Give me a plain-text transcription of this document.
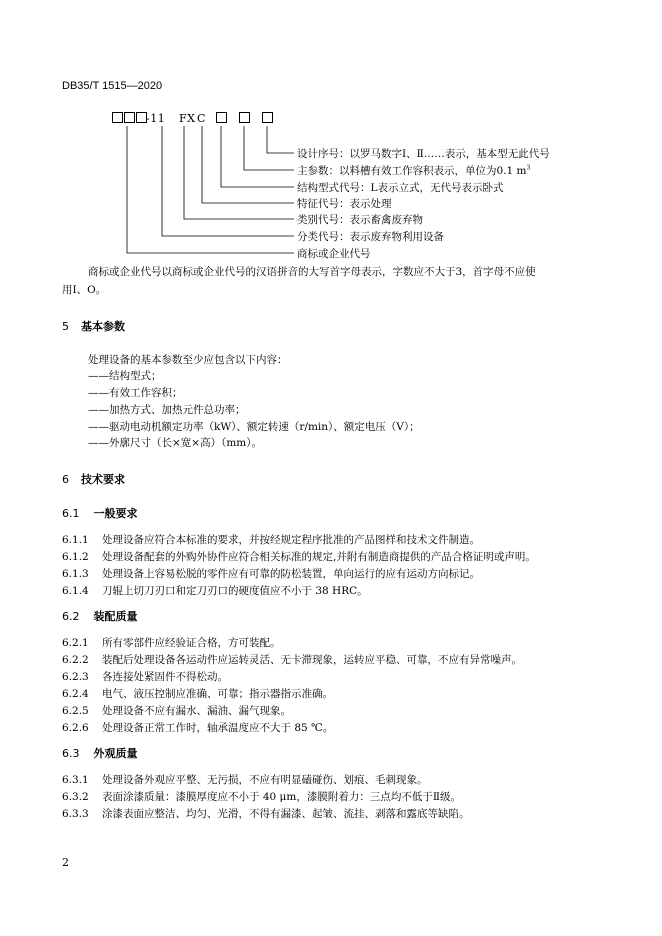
DB35/T 1515—2020
-11 FX C
设计序号：以罗马数字Ⅰ、Ⅱ……表示，基本型无此代号
主参数：以料槽有效工作容积表示，单位为0.1 $m^3$
结构型式代号：L表示立式，无代号表示卧式
特征代号：表示处理
类别代号：表示畜禽废弃物
分类代号：表示废弃物利用设备
商标或企业代号
商标或企业代号以商标或企业代号的汉语拼音的大写首字母表示，字数应不大于3，首字母不应使
用I、O。
5 基本参数
处理设备的基本参数至少应包含以下内容：
——结构型式；
——有效工作容积；
——加热方式、加热元件总功率；
——驱动电动机额定功率（kW）、额定转速（r/min）、额定电压（V）；
——外廓尺寸（长×宽×高）（mm）。
6 技术要求
6.1 一般要求
6.1.1 处理设备应符合本标准的要求，并按经规定程序批准的产品图样和技术文件制造。
6.1.2 处理设备配套的外购外协件应符合相关标准的规定,并附有制造商提供的产品合格证明或声明。
6.1.3 处理设备上容易松脱的零件应有可靠的防松装置，单向运行的应有运动方向标记。
6.1.4 刀辊上切刀刃口和定刀刃口的硬度值应不小于 38 HRC。
6.2 装配质量
6.2.1 所有零部件应经验证合格，方可装配。
6.2.2 装配后处理设备各运动件应运转灵活、无卡滞现象，运转应平稳、可靠，不应有异常噪声。
6.2.3 各连接处紧固件不得松动。
6.2.4 电气、液压控制应准确、可靠；指示器指示准确。
6.2.5 处理设备不应有漏水、漏油、漏气现象。
6.2.6 处理设备正常工作时，轴承温度应不大于 85 ℃。
6.3 外观质量
6.3.1 处理设备外观应平整、无污损，不应有明显磕碰伤、划痕、毛刺现象。
6.3.2 表面涂漆质量：漆膜厚度应不小于 40 μm，漆膜附着力：三点均不低于Ⅱ级。
6.3.3 涂漆表面应整洁、均匀、光滑，不得有漏漆、起皱、流挂、剥落和露底等缺陷。
2
